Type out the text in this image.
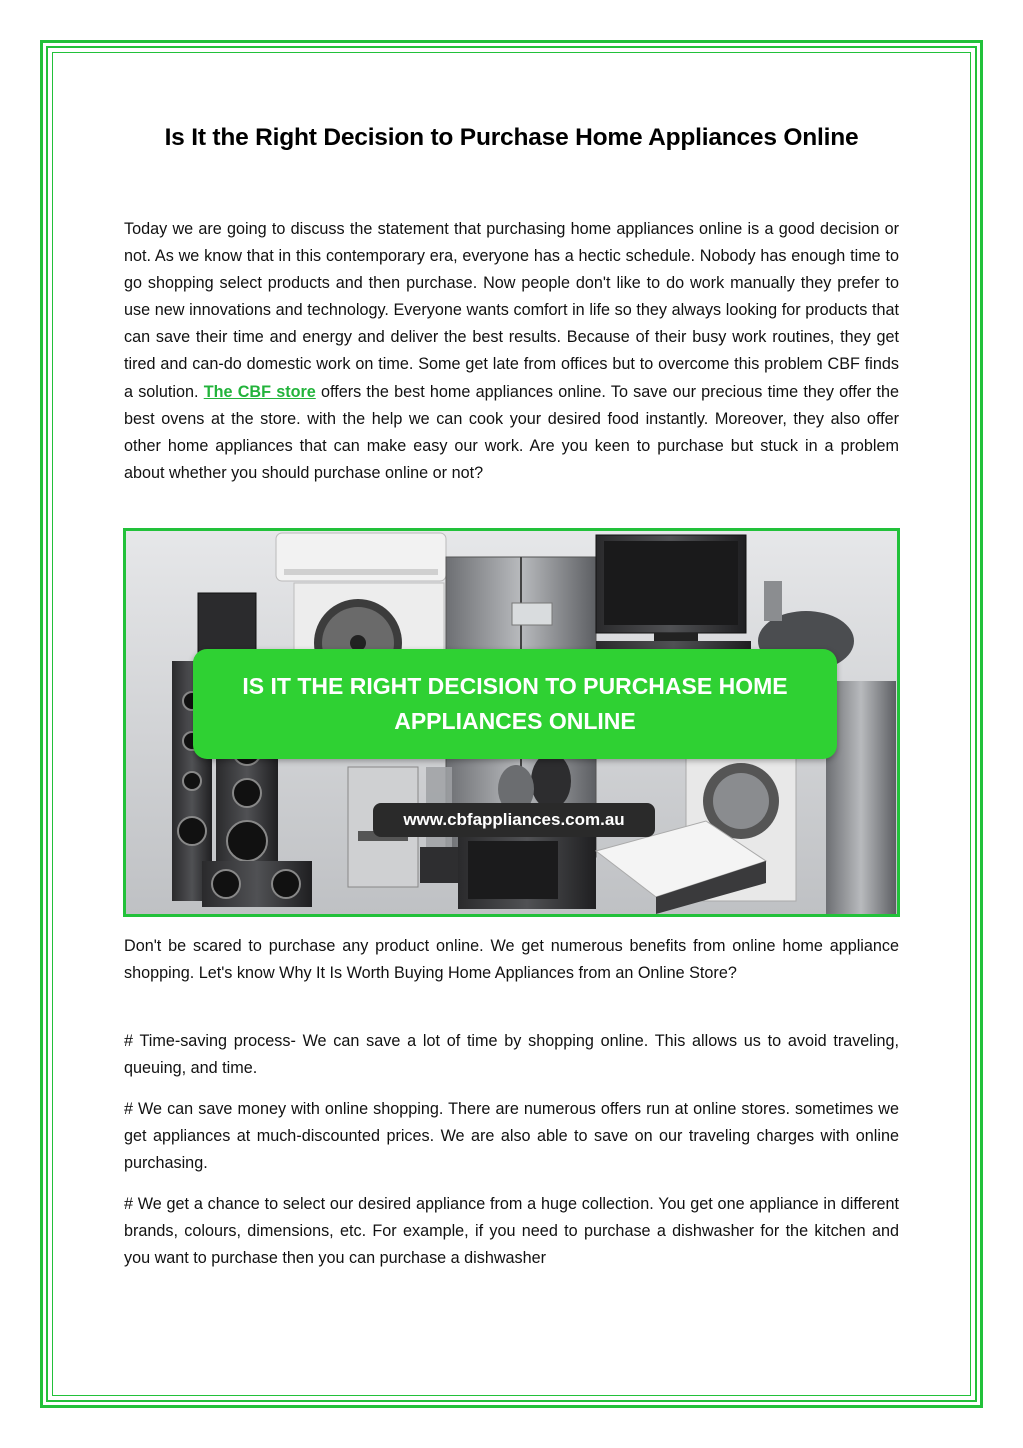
Is It the Right Decision to Purchase Home Appliances Online

Today we are going to discuss the statement that purchasing home appliances online is a good decision or not. As we know that in this contemporary era, everyone has a hectic schedule. Nobody has enough time to go shopping select products and then purchase. Now people don't like to do work manually they prefer to use new innovations and technology. Everyone wants comfort in life so they always looking for products that can save their time and energy and deliver the best results. Because of their busy work routines, they get tired and can-do domestic work on time. Some get late from offices but to overcome this problem CBF finds a solution. The CBF store offers the best home appliances online. To save our precious time they offer the best ovens at the store. with the help we can cook your desired food instantly. Moreover, they also offer other home appliances that can make easy our work. Are you keen to purchase but stuck in a problem about whether you should purchase online or not?

IS IT THE RIGHT DECISION TO PURCHASE HOME
APPLIANCES ONLINE
www.cbfappliances.com.au

Don't be scared to purchase any product online. We get numerous benefits from online home appliance shopping. Let's know Why It Is Worth Buying Home Appliances from an Online Store?

# Time-saving process- We can save a lot of time by shopping online. This allows us to avoid traveling, queuing, and time.

# We can save money with online shopping. There are numerous offers run at online stores. sometimes we get appliances at much-discounted prices. We are also able to save on our traveling charges with online purchasing.

# We get a chance to select our desired appliance from a huge collection. You get one appliance in different brands, colours, dimensions, etc. For example, if you need to purchase a dishwasher for the kitchen and you want to purchase then you can purchase a dishwasher
